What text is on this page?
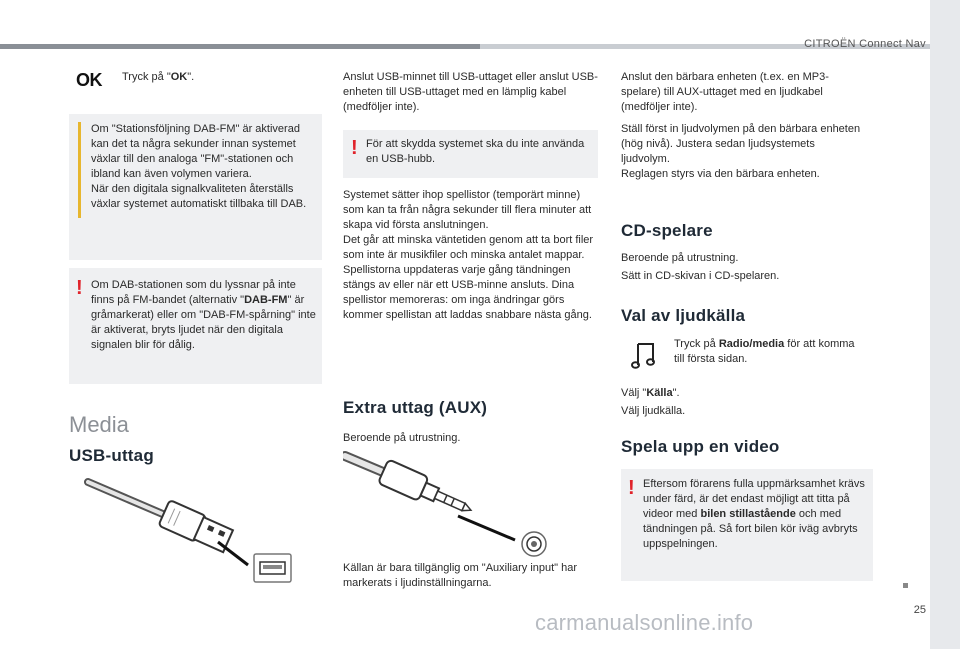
CITROËN Connect Nav
25
carmanualsonline.info
OK Tryck på "OK".

Om "Stationsföljning DAB-FM" är aktiverad kan det ta några sekunder innan systemet växlar till den analoga "FM"-stationen och ibland kan även volymen variera.

När den digitala signalkvaliteten återställs växlar systemet automatiskt tillbaka till DAB.

! Om DAB-stationen som du lyssnar på inte finns på FM-bandet (alternativ "DAB-FM" är gråmarkerat) eller om "DAB-FM-spårning" inte är aktiverat, bryts ljudet när den digitala signalen blir för dålig.
Media
USB-uttag
Anslut USB-minnet till USB-uttaget eller anslut USB-enheten till USB-uttaget med en lämplig kabel (medföljer inte).
! För att skydda systemet ska du inte använda en USB-hubb.

Systemet sätter ihop spellistor (temporärt minne) som kan ta från några sekunder till flera minuter att skapa vid första anslutningen.

Det går att minska väntetiden genom att ta bort filer som inte är musikfiler och minska antalet mappar.

Spellistorna uppdateras varje gång tändningen stängs av eller när ett USB-minne ansluts. Dina spellistor memoreras: om inga ändringar görs kommer spellistan att laddas snabbare nästa gång.

Extra uttag (AUX)
Beroende på utrustning.
Källan är bara tillgänglig om "Auxiliary input" har markerats i ljudinställningarna.
Anslut den bärbara enheten (t.ex. en MP3-spelare) till AUX-uttaget med en ljudkabel (medföljer inte).

Ställ först in ljudvolymen på den bärbara enheten (hög nivå). Justera sedan ljudsystemets ljudvolym.

Reglagen styrs via den bärbara enheten.

CD-spelare
Beroende på utrustning.
Sätt in CD-skivan i CD-spelaren.
Val av ljudkälla
Tryck på Radio/media för att komma till första sidan.
Välj "Källa".
Välj ljudkälla.
Spela upp en video
! Eftersom förarens fulla uppmärksamhet krävs under färd, är det endast möjligt att titta på videor med bilen stillastående och med tändningen på. Så fort bilen kör iväg avbryts uppspelningen.
